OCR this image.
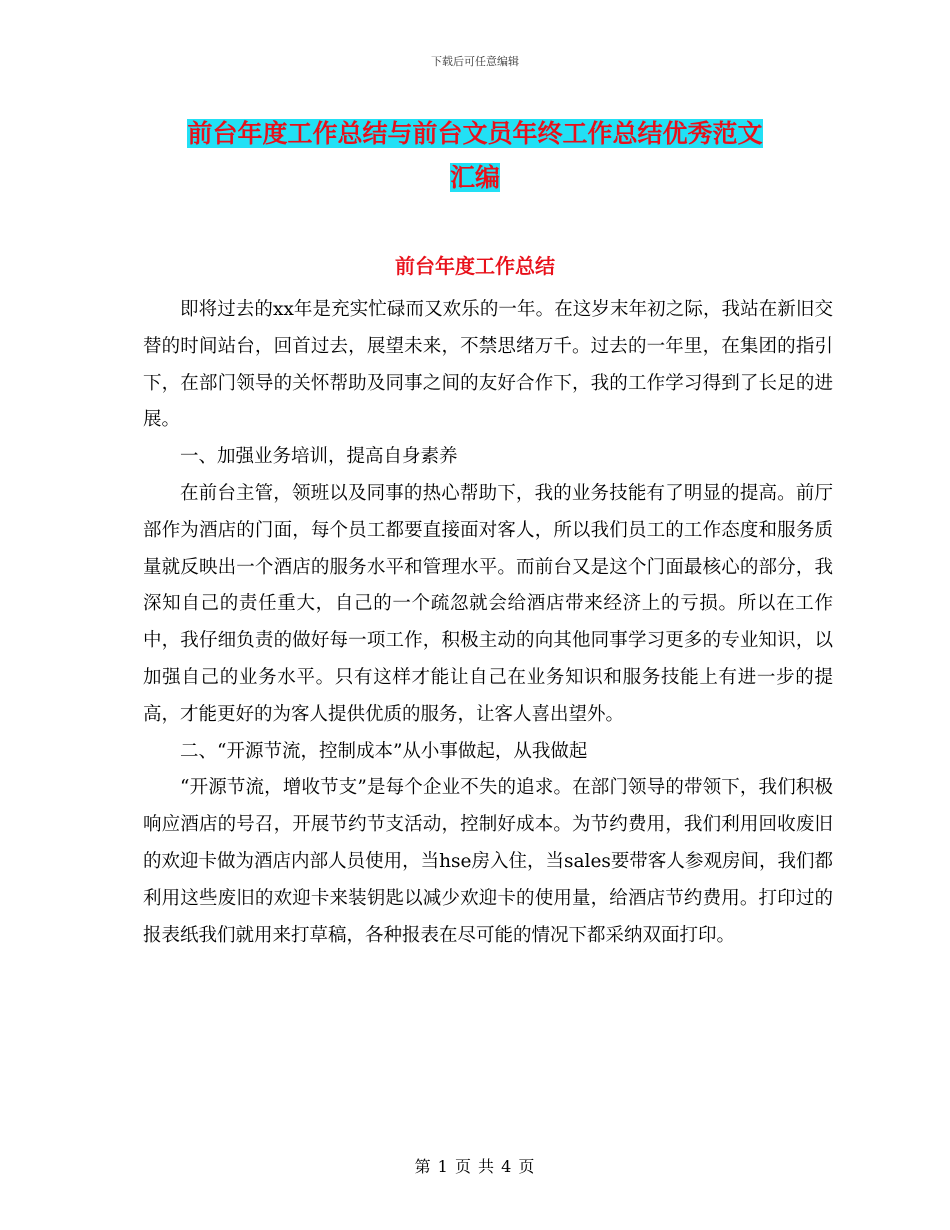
下载后可任意编辑
前台年度工作总结与前台文员年终工作总结优秀范文
汇编
前台年度工作总结

即将过去的xx年是充实忙碌而又欢乐的一年。在这岁末年初之际，我站在新旧交替的时间站台，回首过去，展望未来，不禁思绪万千。过去的一年里，在集团的指引下，在部门领导的关怀帮助及同事之间的友好合作下，我的工作学习得到了长足的进展。

一、加强业务培训，提高自身素养

在前台主管，领班以及同事的热心帮助下，我的业务技能有了明显的提高。前厅部作为酒店的门面，每个员工都要直接面对客人，所以我们员工的工作态度和服务质量就反映出一个酒店的服务水平和管理水平。而前台又是这个门面最核心的部分，我深知自己的责任重大，自己的一个疏忽就会给酒店带来经济上的亏损。所以在工作中，我仔细负责的做好每一项工作，积极主动的向其他同事学习更多的专业知识，以加强自己的业务水平。只有这样才能让自己在业务知识和服务技能上有进一步的提高，才能更好的为客人提供优质的服务，让客人喜出望外。

二、“开源节流，控制成本”从小事做起，从我做起

“开源节流，增收节支”是每个企业不失的追求。在部门领导的带领下，我们积极响应酒店的号召，开展节约节支活动，控制好成本。为节约费用，我们利用回收废旧的欢迎卡做为酒店内部人员使用，当hse房入住，当sales要带客人参观房间，我们都利用这些废旧的欢迎卡来装钥匙以减少欢迎卡的使用量，给酒店节约费用。打印过的报表纸我们就用来打草稿，各种报表在尽可能的情况下都采纳双面打印。

第 1 页 共 4 页
